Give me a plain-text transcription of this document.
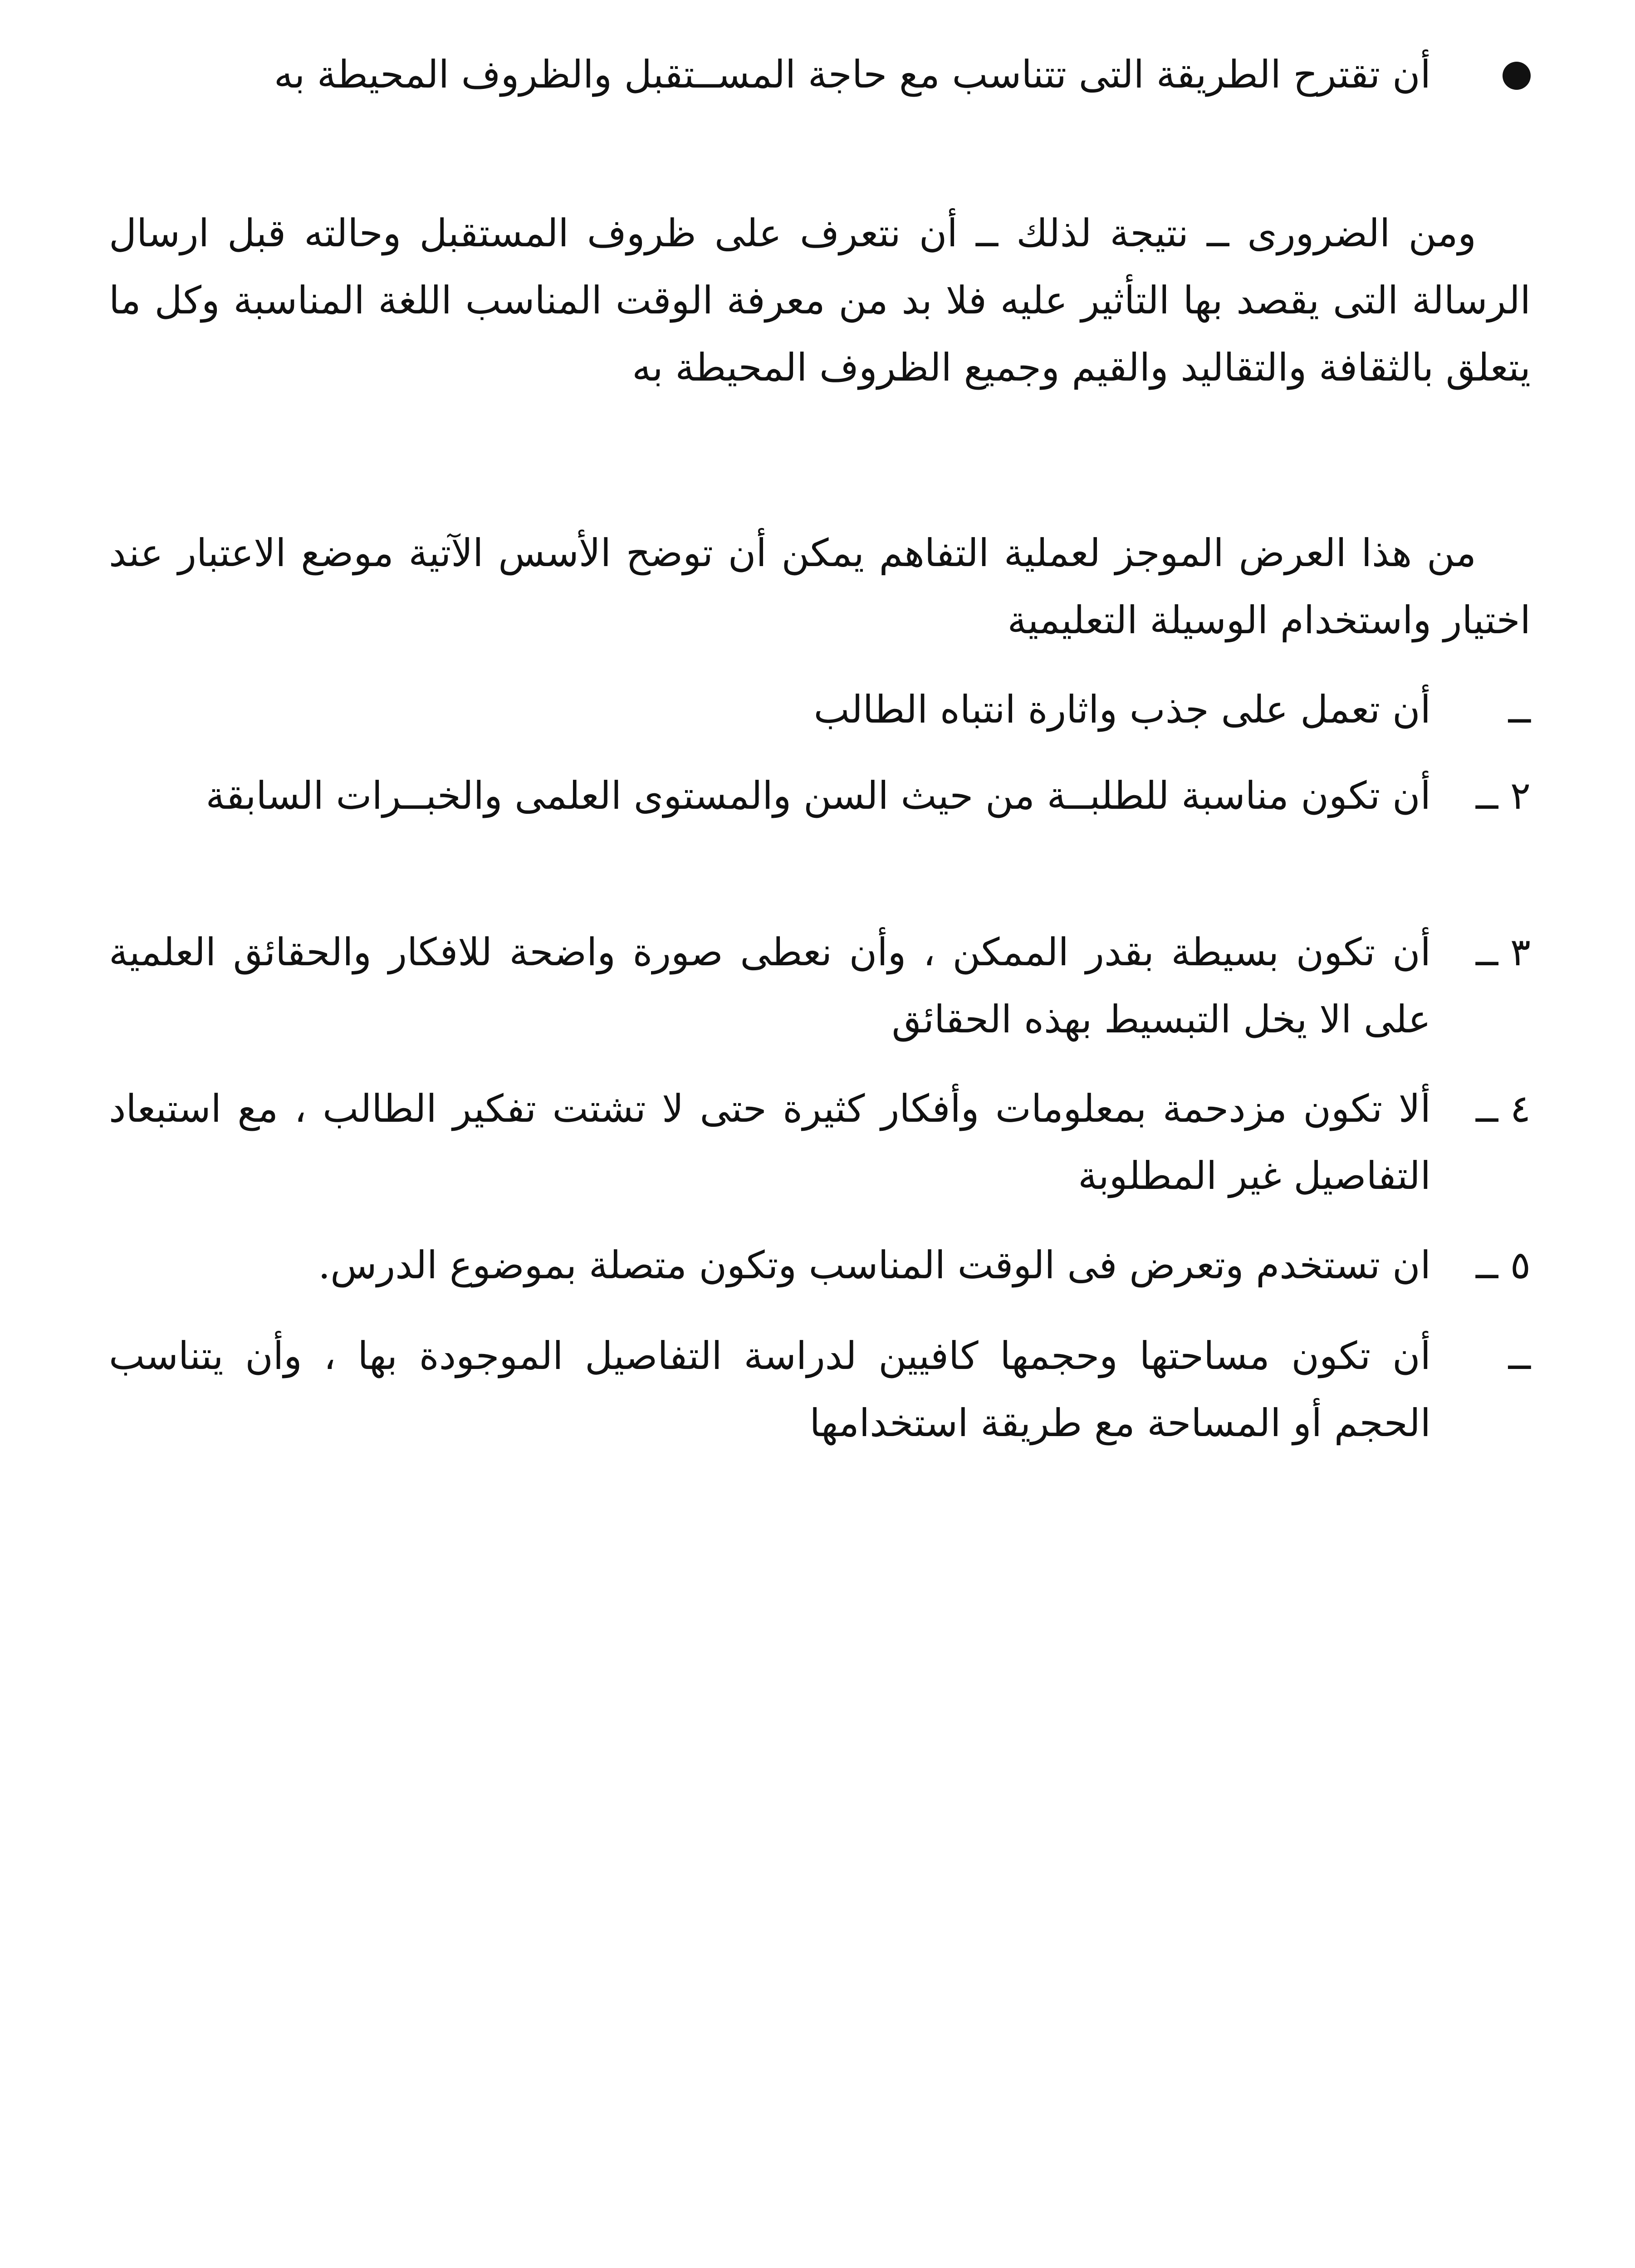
أن تقترح الطريقة التى تتناسب مع حاجة المســتقبل والظروف المحيطة به

ومن الضرورى ــ نتيجة لذلك ــ أن نتعرف على ظروف المستقبل وحالته قبل ارسال الرسالة التى يقصد بها التأثير عليه فلا بد من معرفة الوقت المناسب اللغة المناسبة وكل ما يتعلق بالثقافة والتقاليد والقيم وجميع الظروف المحيطة به

من هذا العرض الموجز لعملية التفاهم يمكن أن توضح الأسس الآتية موضع الاعتبار عند اختيار واستخدام الوسيلة التعليمية

ــ

أن تعمل على جذب واثارة انتباه الطالب

٢ ــ

أن تكون مناسبة للطلبــة من حيث السن والمستوى العلمى والخبــرات السابقة

٣ ــ

أن تكون بسيطة بقدر الممكن ، وأن نعطى صورة واضحة للافكار والحقائق العلمية على الا يخل التبسيط بهذه الحقائق

٤ ــ

ألا تكون مزدحمة بمعلومات وأفكار كثيرة حتى لا تشتت تفكير الطالب ، مع استبعاد التفاصيل غير المطلوبة

٥ ــ

ان تستخدم وتعرض فى الوقت المناسب وتكون متصلة بموضوع الدرس.

ــ

أن تكون مساحتها وحجمها كافيين لدراسة التفاصيل الموجودة بها ، وأن يتناسب الحجم أو المساحة مع طريقة استخدامها
